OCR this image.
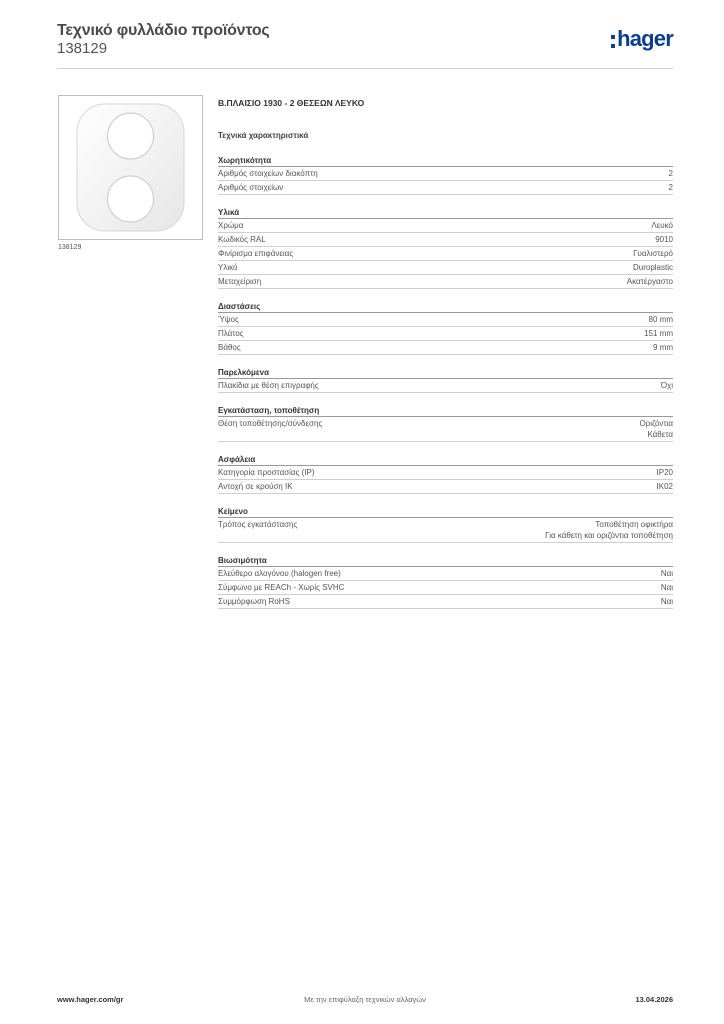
Τεχνικό φυλλάδιο προϊόντος
138129	hager
138129
Β.ΠΛΑΙΣΙΟ 1930 - 2 ΘΕΣΕΩΝ ΛΕΥΚΟ
Τεχνικά χαρακτηριστικά
Χωρητικότητα
Αριθμός στοιχείων διακόπτη	2
Αριθμός στοιχείων	2
Υλικά
Χρώμα	Λευκό
Κωδικός RAL	9010
Φινίρισμα επιφάνειας	Γυαλιστερό
Υλικό	Duroplastic
Μεταχείριση	Ακατέργαστο
Διαστάσεις
Ύψος	80 mm
Πλάτος	151 mm
Βάθος	9 mm
Παρελκόμενα
Πλακίδια με θέση επιγραφής	Όχι
Εγκατάσταση, τοποθέτηση
Θέση τοποθέτησης/σύνδεσης	Οριζόντια
Κάθετα
Ασφάλεια
Κατηγορία προστασίας (IP)	IP20
Αντοχή σε κρούση IK	IK02
Κείμενο
Τρόπος εγκατάστασης	Τοποθέτηση οφικτήρα
Για κάθετη και οριζόντια τοποθέτηση
Βιωσιμότητα
Ελεύθερο αλογόνου (halogen free)	Ναι
Σύμφωνο με REACh - Χωρίς SVHC	Ναι
Συμμόρφωση RoHS	Ναι
www.hager.com/gr	Με την επιφύλαξη τεχνικών αλλαγών	13.04.2026
